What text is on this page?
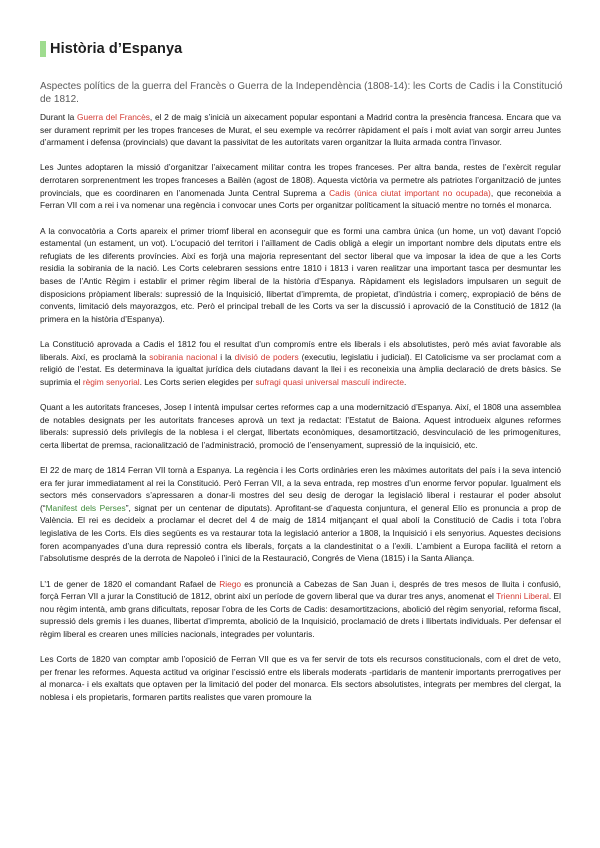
Història d’Espanya
Aspectes polítics de la guerra del Francès o Guerra de la Independència (1808-14): les Corts de Cadis i la Constitució de 1812.

Durant la Guerra del Francès, el 2 de maig s’inicià un aixecament popular espontani a Madrid contra la presència francesa. Encara que va ser durament reprimit per les tropes franceses de Murat, el seu exemple va recórrer ràpidament el país i molt aviat van sorgir arreu Juntes d’armament i defensa (provincials) que davant la passivitat de les autoritats varen organitzar la lluita armada contra l’invasor.

Les Juntes adoptaren la missió d’organitzar l’aixecament militar contra les tropes franceses. Per altra banda, restes de l’exèrcit regular derrotaren sorprenentment les tropes franceses a Bailèn (agost de 1808). Aquesta victòria va permetre als patriotes l’organització de juntes provincials, que es coordinaren en l’anomenada Junta Central Suprema a Cadis (única ciutat important no ocupada), que reconeixia a Ferran VII com a rei i va nomenar una regència i convocar unes Corts per organitzar políticament la situació mentre no tornés el monarca.

A la convocatòria a Corts apareix el primer triomf liberal en aconseguir que es formi una cambra única (un home, un vot) davant l’opció estamental (un estament, un vot). L’ocupació del territori i l’aïllament de Cadis obligà a elegir un important nombre dels diputats entre els refugiats de les diferents províncies. Així es forjà una majoria representant del sector liberal que va imposar la idea de que a les Corts residia la sobirania de la nació. Les Corts celebraren sessions entre 1810 i 1813 i varen realitzar una important tasca per desmuntar les bases de l’Antic Règim i establir el primer règim liberal de la història d’Espanya. Ràpidament els legisladors impulsaren un seguit de disposicions pròpiament liberals: supressió de la Inquisició, llibertat d’impremta, de propietat, d’indústria i comerç, expropiació de béns de convents, limitació dels mayorazgos, etc. Però el principal treball de les Corts va ser la discussió i aprovació de la Constitució de 1812 (la primera en la història d’Espanya).

La Constitució aprovada a Cadis el 1812 fou el resultat d’un compromís entre els liberals i els absolutistes, però més aviat favorable als liberals. Així, es proclamà la sobirania nacional i la divisió de poders (executiu, legislatiu i judicial). El Catolicisme va ser proclamat com a religió de l’estat. Es determinava la igualtat jurídica dels ciutadans davant la llei i es reconeixia una àmplia declaració de drets bàsics. Se suprimia el règim senyorial. Les Corts serien elegides per sufragi quasi universal masculí indirecte.

Quant a les autoritats franceses, Josep I intentà impulsar certes reformes cap a una modernització d’Espanya. Així, el 1808 una assemblea de notables designats per les autoritats franceses aprovà un text ja redactat: l’Estatut de Baiona. Aquest introdueix algunes reformes liberals: supressió dels privilegis de la noblesa i el clergat, llibertats econòmiques, desamortització, desvinculació de les primogenitures, certa llibertat de premsa, racionalització de l’administració, promoció de l’ensenyament, supressió de la inquisició, etc.

El 22 de març de 1814 Ferran VII tornà a Espanya. La regència i les Corts ordinàries eren les màximes autoritats del país i la seva intenció era fer jurar immediatament al rei la Constitució. Però Ferran VII, a la seva entrada, rep mostres d’un enorme fervor popular. Igualment els sectors més conservadors s’apressaren a donar-li mostres del seu desig de derogar la legislació liberal i restaurar el poder absolut (“Manifest dels Perses”, signat per un centenar de diputats). Aprofitant-se d’aquesta conjuntura, el general Elío es pronuncia a prop de València. El rei es decideix a proclamar el decret del 4 de maig de 1814 mitjançant el qual abolí la Constitució de Cadis i tota l’obra legislativa de les Corts. Els dies següents es va restaurar tota la legislació anterior a 1808, la Inquisició i els senyorius. Aquestes decisions foren acompanyades d’una dura repressió contra els liberals, forçats a la clandestinitat o a l’exili. L’ambient a Europa facilità el retorn a l’absolutisme després de la derrota de Napoleó i l’inici de la Restauració, Congrés de Viena (1815) i la Santa Aliança.

L’1 de gener de 1820 el comandant Rafael de Riego es pronuncià a Cabezas de San Juan i, després de tres mesos de lluita i confusió, forçà Ferran VII a jurar la Constitució de 1812, obrint així un període de govern liberal que va durar tres anys, anomenat el Trienni Liberal. El nou règim intentà, amb grans dificultats, reposar l’obra de les Corts de Cadis: desamortitzacions, abolició del règim senyorial, reforma fiscal, supressió dels gremis i les duanes, llibertat d’impremta, abolició de la Inquisició, proclamació de drets i llibertats individuals. Per defensar el règim liberal es crearen unes milícies nacionals, integrades per voluntaris.

Les Corts de 1820 van comptar amb l’oposició de Ferran VII que es va fer servir de tots els recursos constitucionals, com el dret de veto, per frenar les reformes. Aquesta actitud va originar l’escissió entre els liberals moderats -partidaris de mantenir importants prerrogatives per al monarca- i els exaltats que optaven per la limitació del poder del monarca. Els sectors absolutistes, integrats per membres del clergat, la noblesa i els propietaris, formaren partits realistes que varen promoure la
